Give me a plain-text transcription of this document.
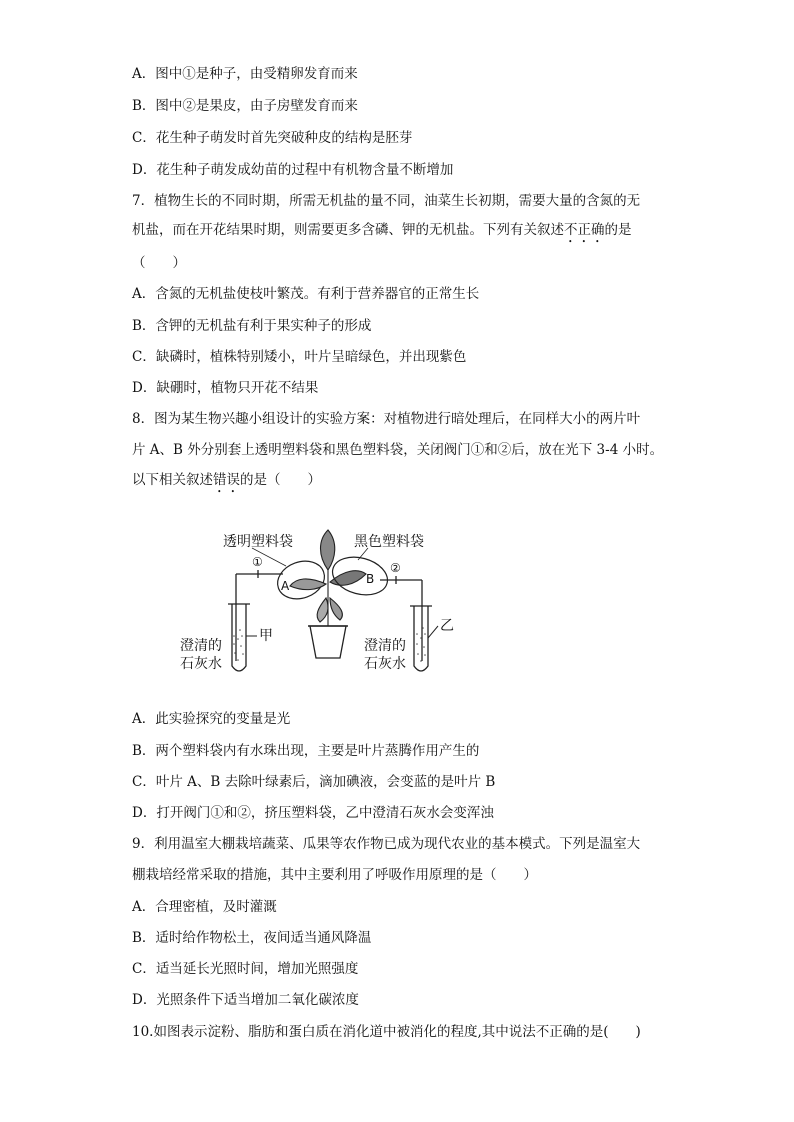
A．图中①是种子，由受精卵发育而来
B．图中②是果皮，由子房壁发育而来
C．花生种子萌发时首先突破种皮的结构是胚芽
D．花生种子萌发成幼苗的过程中有机物含量不断增加
7．植物生长的不同时期，所需无机盐的量不同，油菜生长初期，需要大量的含氮的无
机盐，而在开花结果时期，则需要更多含磷、钾的无机盐。下列有关叙述不正确的是
（　　）
A．含氮的无机盐使枝叶繁茂。有利于营养器官的正常生长
B．含钾的无机盐有利于果实种子的形成
C．缺磷时，植株特别矮小，叶片呈暗绿色，并出现紫色
D．缺硼时，植物只开花不结果
8．图为某生物兴趣小组设计的实验方案：对植物进行暗处理后，在同样大小的两片叶
片 A、B 外分别套上透明塑料袋和黑色塑料袋，关闭阀门①和②后，放在光下 3-4 小时。
以下相关叙述错误的是（　　）
透明塑料袋	黑色塑料袋
甲
澄清的
石灰水
①
A	B
②
乙
澄清的
石灰水
A．此实验探究的变量是光
B．两个塑料袋内有水珠出现，主要是叶片蒸腾作用产生的
C．叶片 A、B 去除叶绿素后，滴加碘液，会变蓝的是叶片 B
D．打开阀门①和②，挤压塑料袋，乙中澄清石灰水会变浑浊
9．利用温室大棚栽培蔬菜、瓜果等农作物已成为现代农业的基本模式。下列是温室大
棚栽培经常采取的措施，其中主要利用了呼吸作用原理的是（　　）
A．合理密植，及时灌溉
B．适时给作物松土，夜间适当通风降温
C．适当延长光照时间，增加光照强度
D．光照条件下适当增加二氧化碳浓度
10.如图表示淀粉、脂肪和蛋白质在消化道中被消化的程度,其中说法不正确的是(　　)
